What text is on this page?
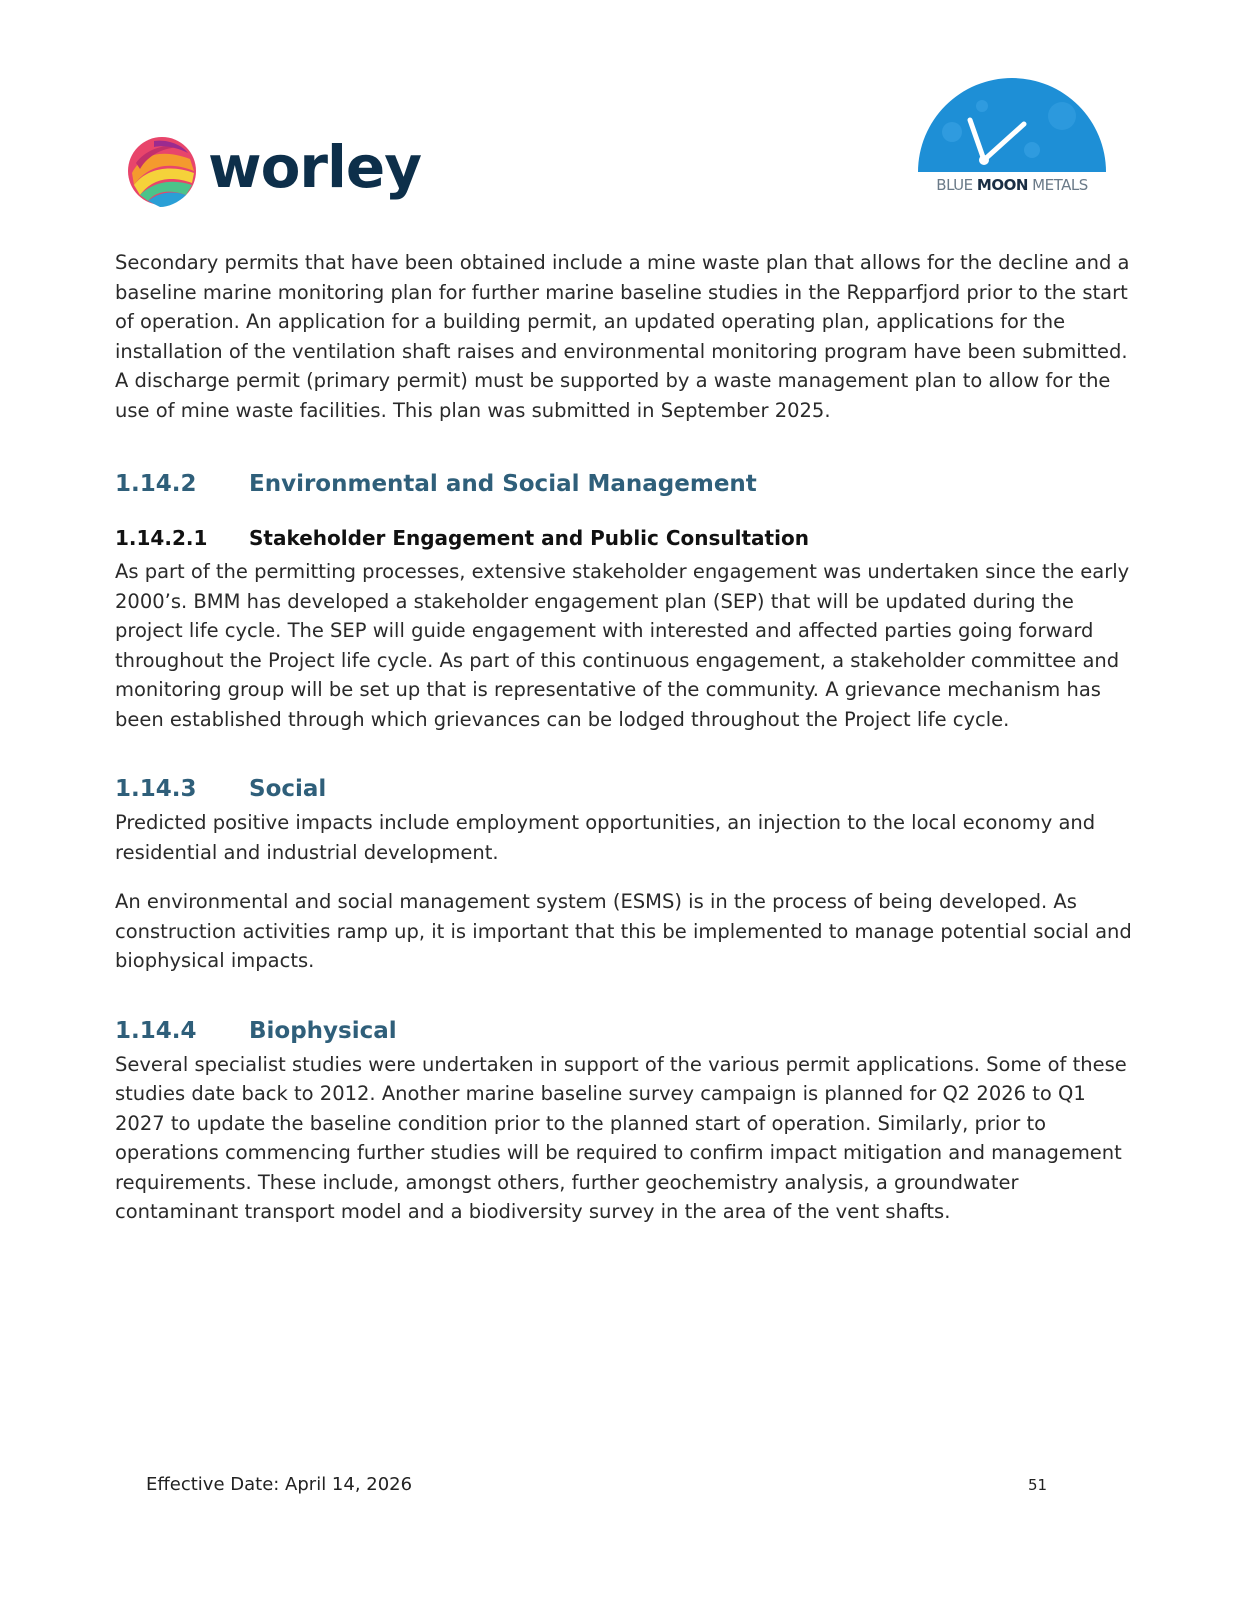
worley	BLUE MOON METALS

Secondary permits that have been obtained include a mine waste plan that allows for the decline and a baseline marine monitoring plan for further marine baseline studies in the Repparfjord prior to the start of operation. An application for a building permit, an updated operating plan, applications for the installation of the ventilation shaft raises and environmental monitoring program have been submitted. A discharge permit (primary permit) must be supported by a waste management plan to allow for the use of mine waste facilities. This plan was submitted in September 2025.

1.14.2 Environmental and Social Management
1.14.2.1 Stakeholder Engagement and Public Consultation

As part of the permitting processes, extensive stakeholder engagement was undertaken since the early 2000’s. BMM has developed a stakeholder engagement plan (SEP) that will be updated during the project life cycle. The SEP will guide engagement with interested and affected parties going forward throughout the Project life cycle. As part of this continuous engagement, a stakeholder committee and monitoring group will be set up that is representative of the community. A grievance mechanism has been established through which grievances can be lodged throughout the Project life cycle.

1.14.3 Social

Predicted positive impacts include employment opportunities, an injection to the local economy and residential and industrial development.

An environmental and social management system (ESMS) is in the process of being developed. As construction activities ramp up, it is important that this be implemented to manage potential social and biophysical impacts.

1.14.4 Biophysical

Several specialist studies were undertaken in support of the various permit applications. Some of these studies date back to 2012. Another marine baseline survey campaign is planned for Q2 2026 to Q1 2027 to update the baseline condition prior to the planned start of operation. Similarly, prior to operations commencing further studies will be required to confirm impact mitigation and management requirements. These include, amongst others, further geochemistry analysis, a groundwater contaminant transport model and a biodiversity survey in the area of the vent shafts.

Effective Date: April 14, 2026	51
